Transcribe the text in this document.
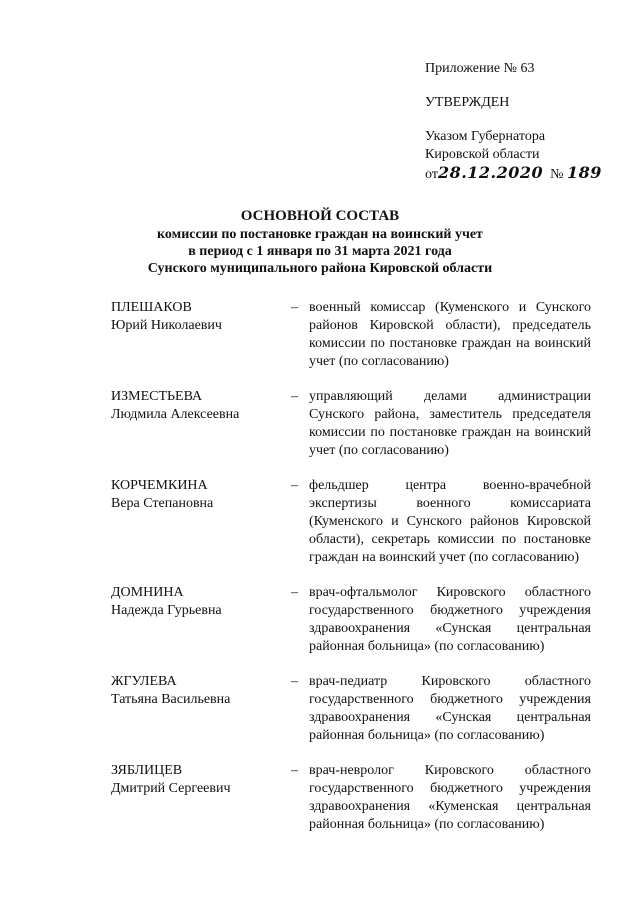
Приложение № 63
УТВЕРЖДЕН
Указом Губернатора
Кировской области
от28.12.2020 № 189
ОСНОВНОЙ СОСТАВ
комиссии по постановке граждан на воинский учет
в период с 1 января по 31 марта 2021 года
Сунского муниципального района Кировской области
ПЛЕШАКОВ
Юрий Николаевич
– военный комиссар (Куменского и Сунского районов Кировской области), председатель комиссии по постановке граждан на воинский учет (по согласованию)
ИЗМЕСТЬЕВА
Людмила Алексеевна
– управляющий делами администрации Сунского района, заместитель председателя комиссии по постановке граждан на воинский учет (по согласованию)
КОРЧЕМКИНА
Вера Степановна
– фельдшер центра военно-врачебной экспертизы военного комиссариата (Куменского и Сунского районов Кировской области), секретарь комиссии по постановке граждан на воинский учет (по согласованию)
ДОМНИНА
Надежда Гурьевна
– врач-офтальмолог Кировского областного государственного бюджетного учреждения здравоохранения «Сунская центральная районная больница» (по согласованию)
ЖГУЛЕВА
Татьяна Васильевна
– врач-педиатр Кировского областного государственного бюджетного учреждения здравоохранения «Сунская центральная районная больница» (по согласованию)
ЗЯБЛИЦЕВ
Дмитрий Сергеевич
– врач-невролог Кировского областного государственного бюджетного учреждения здравоохранения «Куменская центральная районная больница» (по согласованию)
